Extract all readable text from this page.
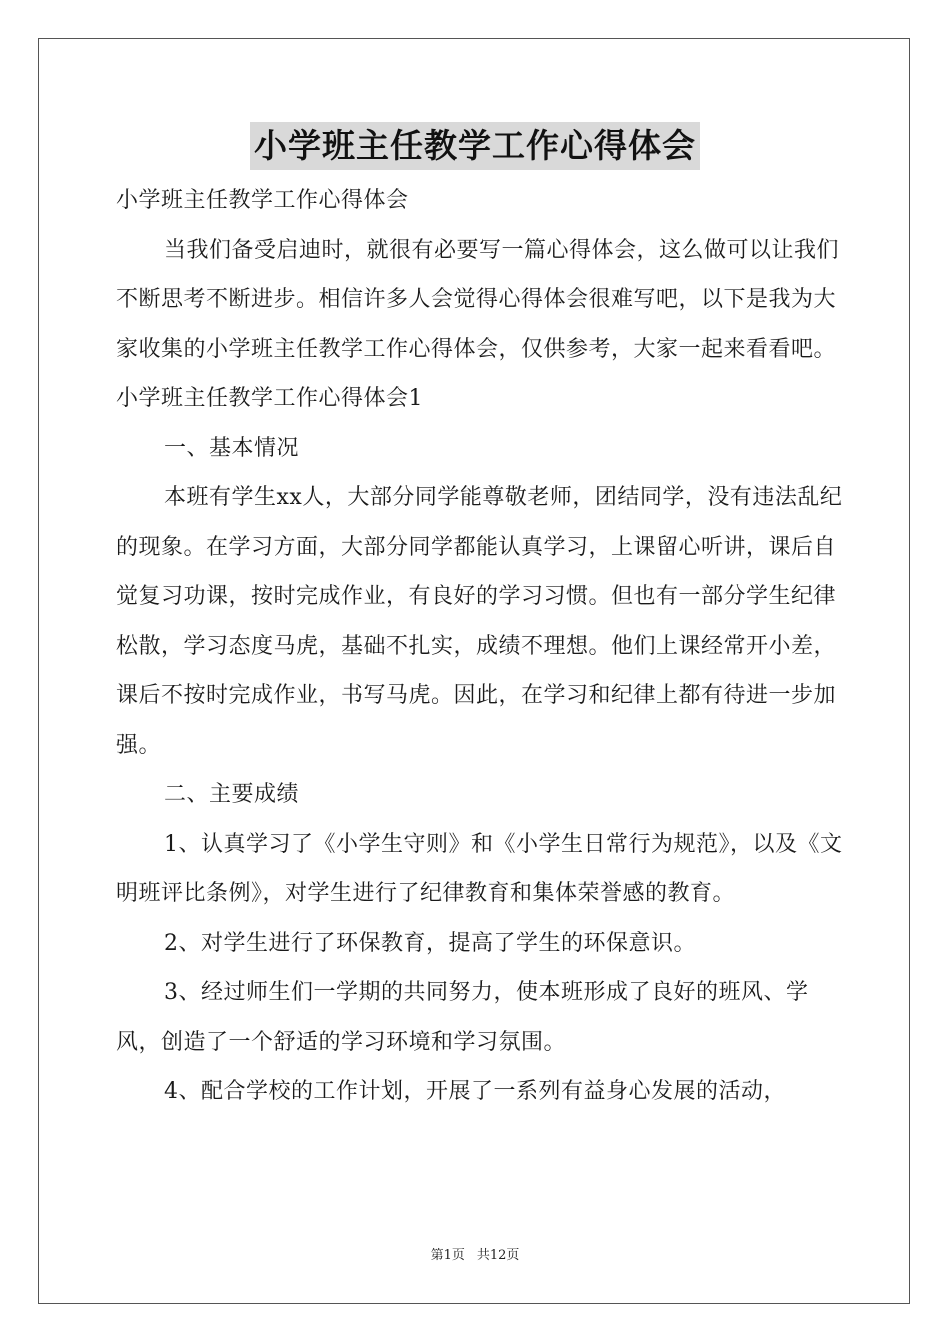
小学班主任教学工作心得体会

小学班主任教学工作心得体会

当我们备受启迪时，就很有必要写一篇心得体会，这么做可以让我们不断思考不断进步。相信许多人会觉得心得体会很难写吧，以下是我为大家收集的小学班主任教学工作心得体会，仅供参考，大家一起来看看吧。

小学班主任教学工作心得体会1

一、基本情况

本班有学生xx人，大部分同学能尊敬老师，团结同学，没有违法乱纪的现象。在学习方面，大部分同学都能认真学习，上课留心听讲，课后自觉复习功课，按时完成作业，有良好的学习习惯。但也有一部分学生纪律松散，学习态度马虎，基础不扎实，成绩不理想。他们上课经常开小差，课后不按时完成作业，书写马虎。因此，在学习和纪律上都有待进一步加强。

二、主要成绩

1、认真学习了《小学生守则》和《小学生日常行为规范》，以及《文明班评比条例》，对学生进行了纪律教育和集体荣誉感的教育。

2、对学生进行了环保教育，提高了学生的环保意识。

3、经过师生们一学期的共同努力，使本班形成了良好的班风、学风，创造了一个舒适的学习环境和学习氛围。

4、配合学校的工作计划，开展了一系列有益身心发展的活动，

第1页 共12页
